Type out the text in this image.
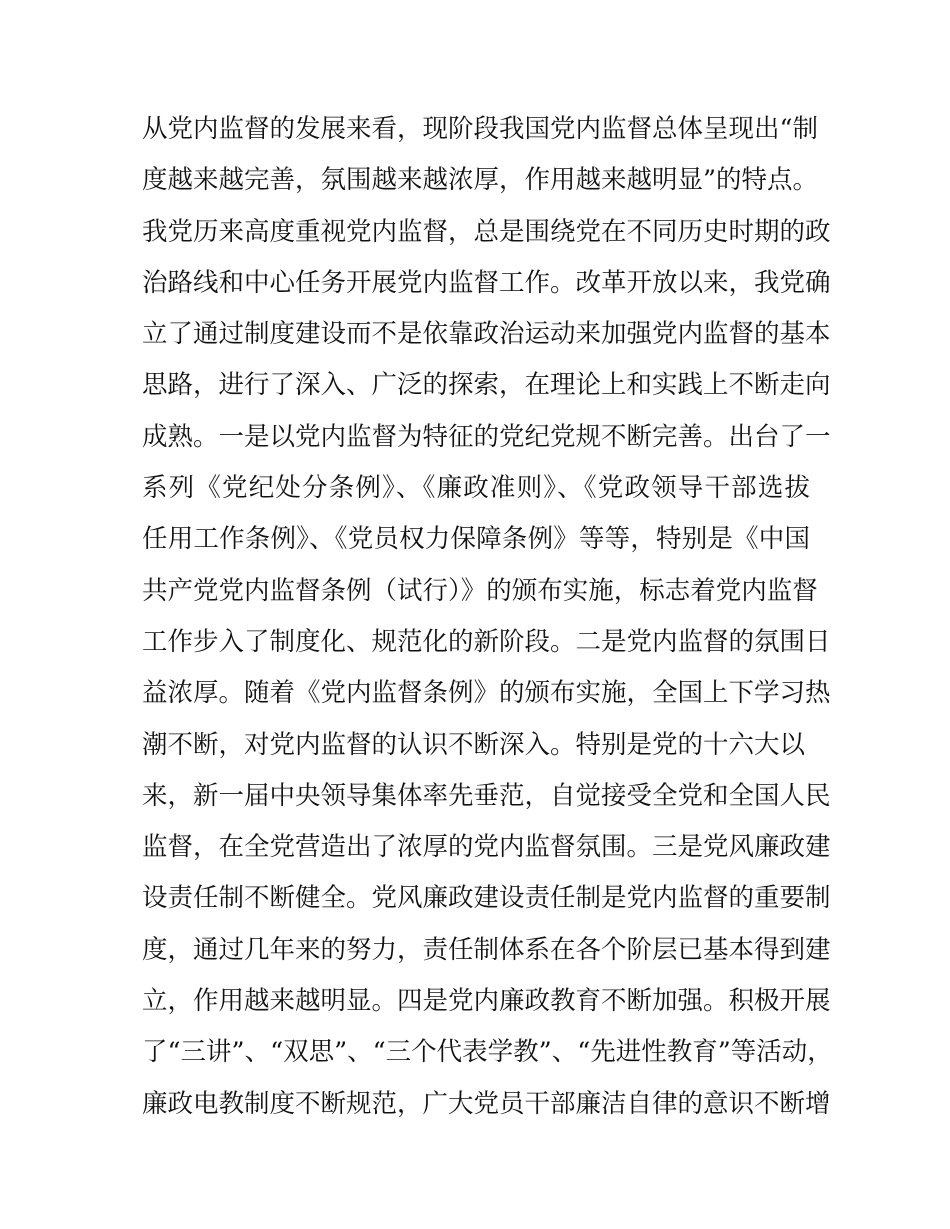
从党内监督的发展来看，现阶段我国党内监督总体呈现出“制
度越来越完善，氛围越来越浓厚，作用越来越明显”的特点。
我党历来高度重视党内监督，总是围绕党在不同历史时期的政
治路线和中心任务开展党内监督工作。改革开放以来，我党确
立了通过制度建设而不是依靠政治运动来加强党内监督的基本
思路，进行了深入、广泛的探索，在理论上和实践上不断走向
成熟。一是以党内监督为特征的党纪党规不断完善。出台了一
系列《党纪处分条例》、《廉政准则》、《党政领导干部选拔
任用工作条例》、《党员权力保障条例》等等，特别是《中国
共产党党内监督条例（试行）》的颁布实施，标志着党内监督
工作步入了制度化、规范化的新阶段。二是党内监督的氛围日
益浓厚。随着《党内监督条例》的颁布实施，全国上下学习热
潮不断，对党内监督的认识不断深入。特别是党的十六大以
来，新一届中央领导集体率先垂范，自觉接受全党和全国人民
监督，在全党营造出了浓厚的党内监督氛围。三是党风廉政建
设责任制不断健全。党风廉政建设责任制是党内监督的重要制
度，通过几年来的努力，责任制体系在各个阶层已基本得到建
立，作用越来越明显。四是党内廉政教育不断加强。积极开展
了“三讲”、“双思”、“三个代表学教”、“先进性教育”等活动，
廉政电教制度不断规范，广大党员干部廉洁自律的意识不断增
